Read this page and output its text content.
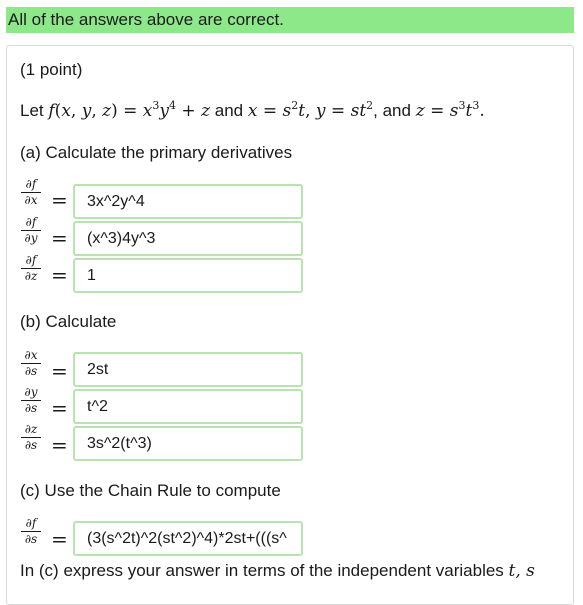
All of the answers above are correct.
(1 point)
Let f(x, y, $z) = x^3y^4 + z$ and $x = s^2t$, $y = st^2$, and $z = s^3t^3$.
(a) Calculate the primary derivatives
$\frac{\partial f}{\partial x}$ =	3x^2y^4
$\frac{\partial f}{\partial y}$ =	(x^3)4y^3
$\frac{\partial f}{\partial z}$ =	1
(b) Calculate
$\frac{\partial x}{\partial s}$ =	2st
$\frac{\partial y}{\partial s}$ =	t^2
$\frac{\partial z}{\partial s}$ =	3s^2(t^3)
(c) Use the Chain Rule to compute
$\frac{\partial f}{\partial s}$ =	(3(s^2t)^2(st^2)^4)*2st+(((s^
In (c) express your answer in terms of the independent variables t, s
